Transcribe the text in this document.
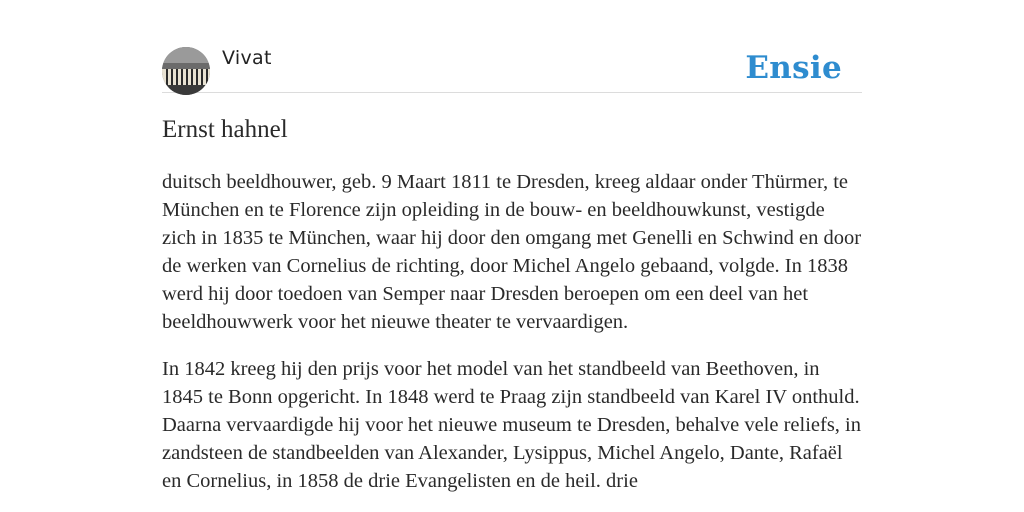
Vivat	Ensie
Ernst hahnel

duitsch beeldhouwer, geb. 9 Maart 1811 te Dresden, kreeg aldaar onder Thürmer, te München en te Florence zijn opleiding in de bouw- en beeldhouwkunst, vestigde zich in 1835 te München, waar hij door den omgang met Genelli en Schwind en door de werken van Cornelius de richting, door Michel Angelo gebaand, volgde. In 1838 werd hij door toedoen van Semper naar Dresden beroepen om een deel van het beeldhouwwerk voor het nieuwe theater te vervaardigen.

In 1842 kreeg hij den prijs voor het model van het standbeeld van Beethoven, in 1845 te Bonn opgericht. In 1848 werd te Praag zijn standbeeld van Karel IV onthuld. Daarna vervaardigde hij voor het nieuwe museum te Dresden, behalve vele reliefs, in zandsteen de standbeelden van Alexander, Lysippus, Michel Angelo, Dante, Rafaël en Cornelius, in 1858 de drie Evangelisten en de heil. drie
